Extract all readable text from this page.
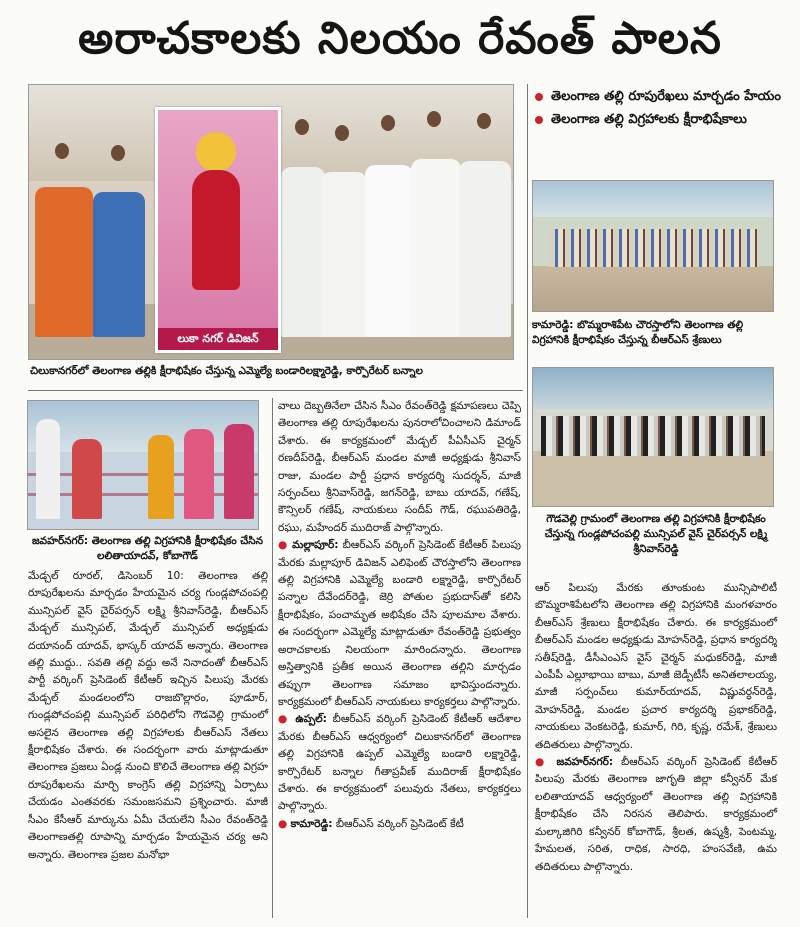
అరాచకాలకు నిలయం రేవంత్ పాలన
లుకా నగర్ డివిజన్
తెలంగాణ తల్లి రూపురేఖలు మార్చడం హేయం
తెలంగాణ తల్లి విగ్రహాలకు క్షీరాభిషేకాలు
కామారెడ్డి: బొమ్మరాశిపేట చౌరస్తాలోని తెలంగాణ తల్లి విగ్రహానికి క్షీరాభిషేకం చేస్తున్న బీఆర్ఎస్ శ్రేణులు
గౌడవెల్లి గ్రామంలో తెలంగాణ తల్లి విగ్రహానికి క్షీరాభిషేకం చేస్తున్న గుండ్లపోచంపల్లి మున్సిపల్ వైస్ చైర్‌పర్సన్ లక్ష్మి శ్రీనివాస్‌రెడ్డి
చిలుకానగర్‌లో తెలంగాణ తల్లికి క్షీరాభిషేకం చేస్తున్న ఎమ్మెల్యే బండారిలక్ష్మారెడ్డి, కార్పొరేటర్ బన్నాల
జవహర్‌నగర్: తెలంగాణ తల్లి విగ్రహానికి క్షీరాభిషేకం చేసిన లలితాయాదవ్, కోబాగౌడ్

మేడ్చల్ రూరల్, డిసెంబర్ 10: తెలంగాణ తల్లి రూపురేఖలను మార్చడం హేయమైన చర్య గుండ్లపోచంపల్లి మున్సిపల్ వైస్ చైర్‌పర్సన్ లక్ష్మి శ్రీనివాస్‌రెడ్డి, బీఆర్ఎస్ మేడ్చల్ మున్సిపల్, మేడ్చల్ మున్సిపల్ అధ్యక్షుడు దయానంద్ యాదవ్, భాస్కర్ యాదవ్ అన్నారు. తెలంగాణ తల్లి ముద్దు.. సవతి తల్లి వద్దు అనే నినాదంతో బీఆర్ఎస్ పార్టీ వర్కింగ్ ప్రెసిడెంట్ కేటీఆర్ ఇచ్చిన పిలుపు మేరకు మేడ్చల్ మండలంలోని రాజబొల్లారం, పూడూర్, గుండ్లపోచంపల్లి మున్సిపల్ పరిధిలోని గౌడవెల్లి గ్రామంలో అసలైన తెలంగాణ తల్లి విగ్రహాలకు బీఆర్ఎస్ నేతలు క్షీరాభిషేకం చేశారు. ఈ సందర్భంగా వారు మాట్లాడుతూ తెలంగాణ ప్రజలు ఏండ్ల నుంచి కొలిచే తెలంగాణ తల్లి విగ్రహ రూపురేఖలను మార్చి కాంగ్రెస్ తల్లి విగ్రహాన్ని ఏర్పాటు చేయడం ఎంతవరకు సమంజసమని ప్రశ్నించారు. మాజీ సీఎం కేసీఆర్ మార్కును ఏమీ చేయలేని సీఎం రేవంత్‌రెడ్డి తెలంగాణతల్లి రూపాన్ని మార్చడం హేయమైన చర్య అని అన్నారు. తెలంగాణ ప్రజల మనోభా

వాలు దెబ్బతినేలా చేసిన సీఎం రేవంత్‌రెడ్డి క్షమాపణలు చెప్పి తెలంగాణ తల్లి రూపురేఖలను పునరాలోచించాలని డిమాండ్ చేశారు. ఈ కార్యక్రమంలో మేడ్చల్ పీఏసీఎస్ చైర్మన్ రణదీప్‌రెడ్డి, బీఆర్ఎస్ మండల మాజీ అధ్యక్షుడు శ్రీనివాస్ రాజు, మండల పార్టీ ప్రధాన కార్యదర్శి సుదర్శన్, మాజీ సర్పంచ్‌లు శ్రీనివాస్‌రెడ్డి, జగన్‌రెడ్డి, బాబు యాదవ్, గణేష్, కౌన్సిలర్ గణేష్, నాయకులు సందీప్ గౌడ్, రఘుపతిరెడ్డి, రఘు, మహేందర్ ముదిరాజ్ పాల్గొన్నారు.

● మల్లాపూర్: బీఆర్ఎస్ వర్కింగ్ ప్రెసిడెంట్ కేటీఆర్ పిలుపు మేరకు మల్లాపూర్ డివిజన్ ఎలిఫెంట్ చౌరస్తాలోని తెలంగాణ తల్లి విగ్రహానికి ఎమ్మెల్యే బండారి లక్ష్మారెడ్డి, కార్పొరేటర్ పన్నాల దేవేందర్‌రెడ్డి, జెర్రి పోతుల ప్రభుదాస్‌తో కలిసి క్షీరాభిషేకం, పంచామృత అభిషేకం చేసి పూలమాల వేశారు. ఈ సందర్భంగా ఎమ్మెల్యే మాట్లాడుతూ రేవంత్‌రెడ్డి ప్రభుత్వం అరాచకాలకు నిలయంగా మారిందన్నారు. తెలంగాణ అస్తిత్వానికి ప్రతీక అయిన తెలంగాణ తల్లిని మార్చడం తప్పుగా తెలంగాణ సమాజం భావిస్తుందన్నారు. కార్యక్రమంలో బీఆర్ఎస్ నాయకులు కార్యకర్తలు పాల్గొన్నారు.

● ఉప్పల్: బీఆర్ఎస్ వర్కింగ్ ప్రెసిడెంట్ కేటీఆర్ ఆదేశాల మేరకు బీఆర్ఎస్ ఆధ్వర్యంలో చిలుకానగర్‌లో తెలంగాణ తల్లి విగ్రహానికి ఉప్పల్ ఎమ్మెల్యే బండారి లక్ష్మారెడ్డి, కార్పొరేటర్ బన్నాల గీతాప్రవీణ్ ముదిరాజ్ క్షీరాభిషేకం చేశారు. ఈ కార్యక్రమంలో పలువురు నేతలు, కార్యకర్తలు పాల్గొన్నారు.

● కామారెడ్డి: బీఆర్ఎస్ వర్కింగ్ ప్రెసిడెంట్ కేటీ

ఆర్ పిలుపు మేరకు తూంకుంట మున్సిపాలిటీ బొమ్మరాశిపేటలోని తెలంగాణ తల్లి విగ్రహానికి మంగళవారం బీఆర్ఎస్ శ్రేణులు క్షీరాభిషేకం చేశారు. ఈ కార్యక్రమంలో బీఆర్ఎస్ మండల అధ్యక్షుడు మోహన్‌రెడ్డి, ప్రధాన కార్యదర్శి సతీష్‌రెడ్డి, డీసీఎంఎస్ వైస్ చైర్మన్ మధుకర్‌రెడ్డి, మాజీ ఎంపీపీ ఎల్లూభాయి బాబు, మాజీ జెడ్పీటీసీ అనితలాలయ్య, మాజీ సర్పంచ్‌లు కుమార్‌యాదవ్, విష్ణువర్ధన్‌రెడ్డి, మోహన్‌రెడ్డి, మండల ప్రచార కార్యదర్శి ప్రభాకర్‌రెడ్డి, నాయకులు వెంకటరెడ్డి, కుమార్, గిరి, కృష్ణ, రమేశ్, శ్రేణులు తదితరులు పాల్గొన్నారు.

● జవహర్‌నగర్: బీఆర్ఎస్ వర్కింగ్ ప్రెసిడెంట్ కేటీఆర్ పిలుపు మేరకు తెలంగాణ జాగృతి జిల్లా కన్వీనర్ మేక లలితాయాదవ్ ఆధ్వర్యంలో తెలంగాణ తల్లి విగ్రహానికి క్షీరాభిషేకం చేసి నిరసన తెలిపారు. కార్యక్రమంలో మల్కాజిగిరి కన్వీనర్ కోబాగౌడ్, శ్రీలత, ఉష్మశ్రీ, పెంటమ్మ, హేమలత, సరిత, రాధిక, సారధి, హంసవేణి, ఉమ తదితరులు పాల్గొన్నారు.
